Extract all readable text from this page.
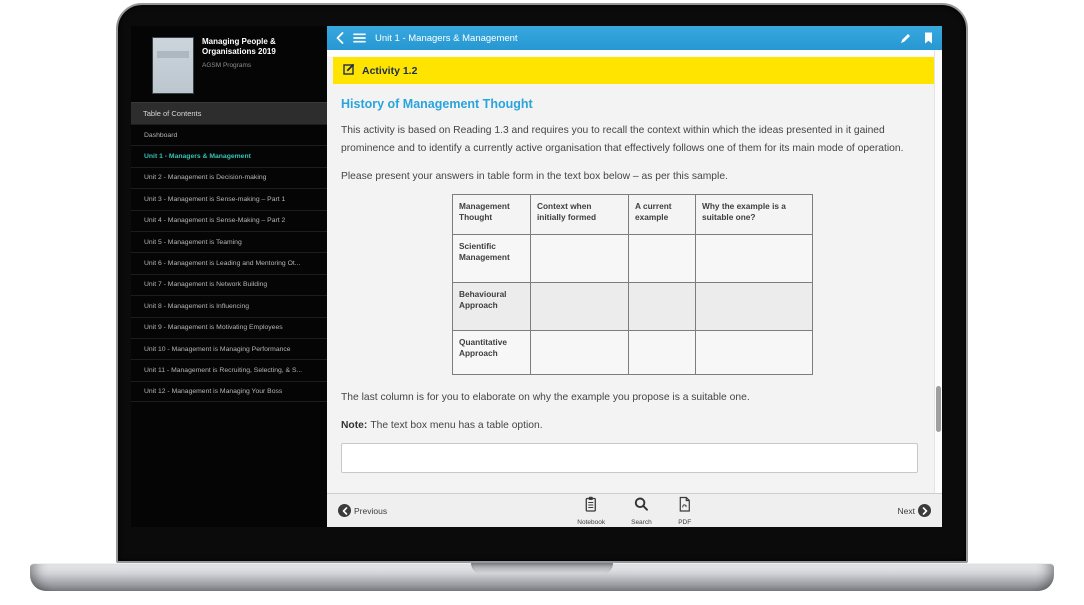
Managing People & Organisations 2019
AGSM Programs
Table of Contents
Dashboard
Unit 1 - Managers & Management
Unit 2 - Management is Decision-making
Unit 3 - Management is Sense-making – Part 1
Unit 4 - Management is Sense-Making – Part 2
Unit 5 - Management is Teaming
Unit 6 - Management is Leading and Mentoring Ot...
Unit 7 - Management is Network Building
Unit 8 - Management is Influencing
Unit 9 - Management is Motivating Employees
Unit 10 - Management is Managing Performance
Unit 11 - Management is Recruiting, Selecting, & S...
Unit 12 - Management is Managing Your Boss
Unit 1 - Managers & Management
Activity 1.2
History of Management Thought

This activity is based on Reading 1.3 and requires you to recall the context within which the ideas presented in it gained prominence and to identify a currently active organisation that effectively follows one of them for its main mode of operation.

Please present your answers in table form in the text box below – as per this sample.

Management Thought	Context when initially formed	A current example	Why the example is a suitable one?
Scientific Management			
Behavioural Approach			
Quantitative Approach			

The last column is for you to elaborate on why the example you propose is a suitable one.

Note: The text box menu has a table option.

Previous
Notebook	Search	PDF
Next
